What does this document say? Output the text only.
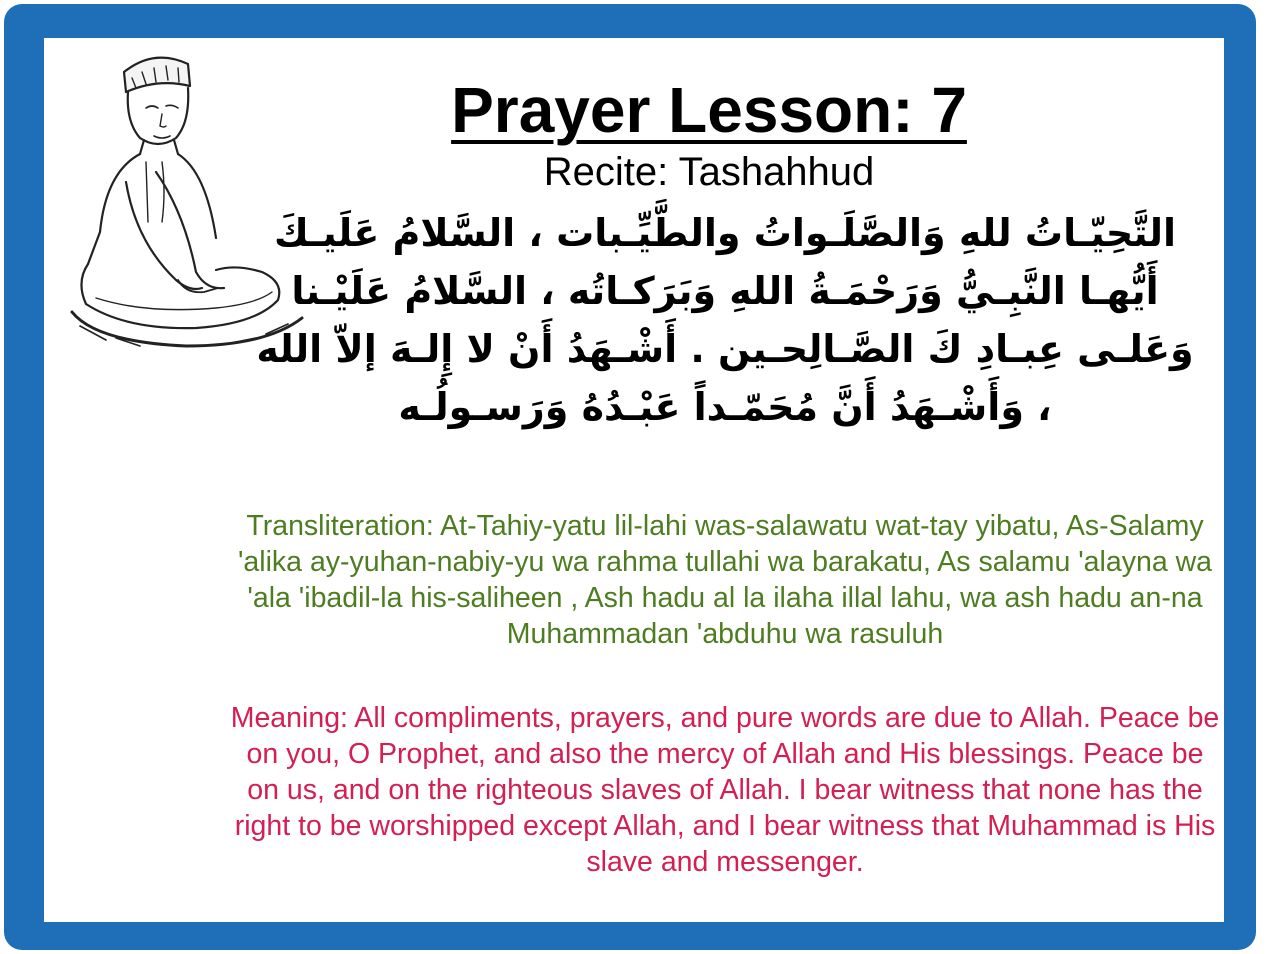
Prayer Lesson: 7
Recite: Tashahhud
التَّحِيّـاتُ للهِ وَالصَّلَـواتُ والطَّيِّـبات ، السَّلامُ عَلَيـكَ
أَيُّهـا النَّبِـيُّ وَرَحْمَـةُ اللهِ وَبَرَكـاتُه ، السَّلامُ عَلَيْـنا
وَعَلـى عِبـادِ كَ الصَّـالِحـين . أَشْـهَدُ أَنْ لا إِلـهَ إلاّ الله
، وَأَشْـهَدُ أَنَّ مُحَمّـداً عَبْـدُهُ وَرَسـولُـه
Transliteration: At-Tahiy-yatu lil-lahi was-salawatu wat-tay yibatu, As-Salamy 'alika ay-yuhan-nabiy-yu wa rahma tullahi wa barakatu, As salamu 'alayna wa 'ala 'ibadil-la his-saliheen , Ash hadu al la ilaha illal lahu, wa ash hadu an-na Muhammadan 'abduhu wa rasuluh
Meaning: All compliments, prayers, and pure words are due to Allah. Peace be on you, O Prophet, and also the mercy of Allah and His blessings. Peace be on us, and on the righteous slaves of Allah. I bear witness that none has the right to be worshipped except Allah, and I bear witness that Muhammad is His slave and messenger.
